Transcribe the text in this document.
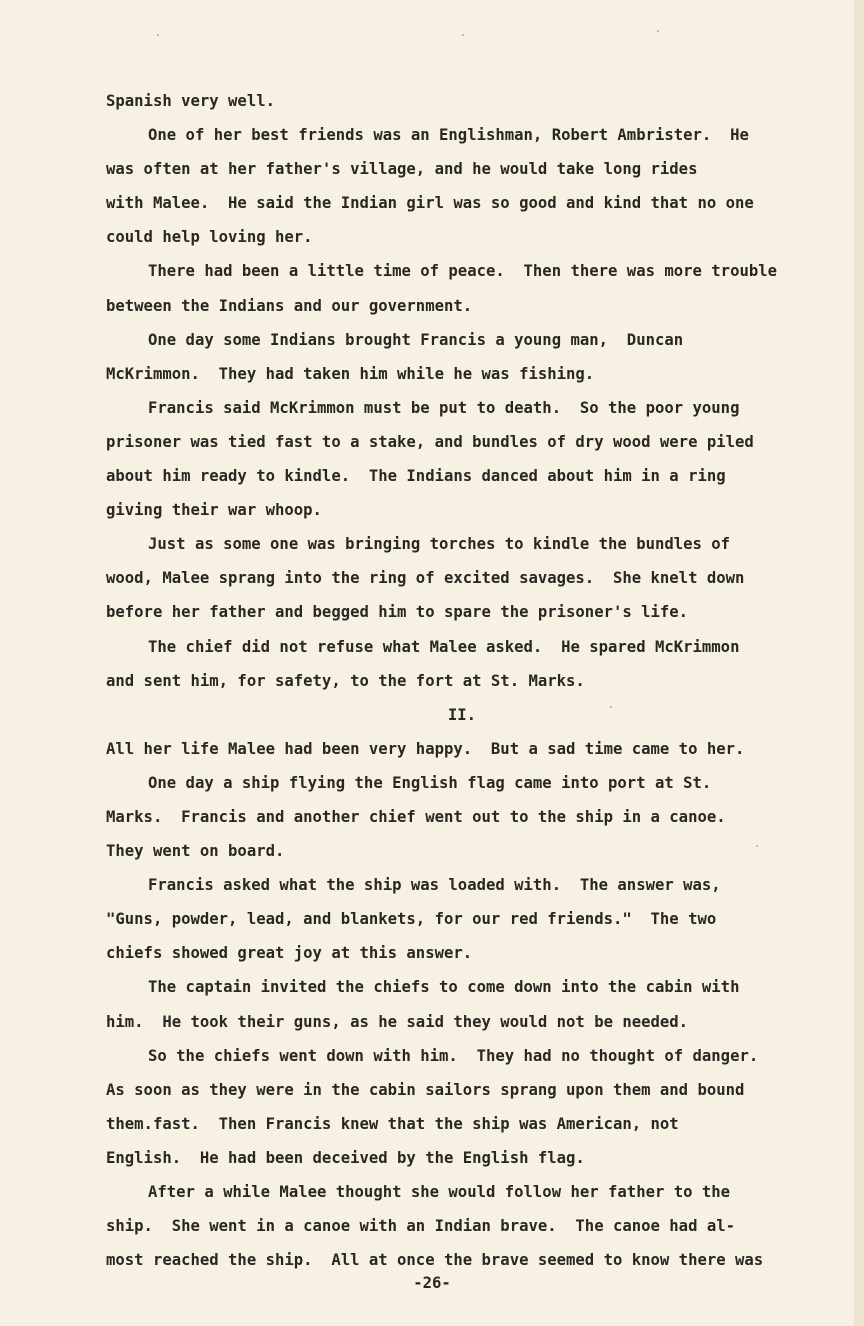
Spanish very well.
One of her best friends was an Englishman, Robert Ambrister.  He
was often at her father's village, and he would take long rides
with Malee.  He said the Indian girl was so good and kind that no one
could help loving her.
There had been a little time of peace.  Then there was more trouble
between the Indians and our government.
One day some Indians brought Francis a young man,  Duncan
McKrimmon.  They had taken him while he was fishing.
Francis said McKrimmon must be put to death.  So the poor young
prisoner was tied fast to a stake, and bundles of dry wood were piled
about him ready to kindle.  The Indians danced about him in a ring
giving their war whoop.
Just as some one was bringing torches to kindle the bundles of
wood, Malee sprang into the ring of excited savages.  She knelt down
before her father and begged him to spare the prisoner's life.
The chief did not refuse what Malee asked.  He spared McKrimmon
and sent him, for safety, to the fort at St. Marks.
II.
All her life Malee had been very happy.  But a sad time came to her.
One day a ship flying the English flag came into port at St.
Marks.  Francis and another chief went out to the ship in a canoe.
They went on board.
Francis asked what the ship was loaded with.  The answer was,
"Guns, powder, lead, and blankets, for our red friends."  The two
chiefs showed great joy at this answer.
The captain invited the chiefs to come down into the cabin with
him.  He took their guns, as he said they would not be needed.
So the chiefs went down with him.  They had no thought of danger.
As soon as they were in the cabin sailors sprang upon them and bound
them.fast.  Then Francis knew that the ship was American, not
English.  He had been deceived by the English flag.
After a while Malee thought she would follow her father to the
ship.  She went in a canoe with an Indian brave.  The canoe had al-
most reached the ship.  All at once the brave seemed to know there was
-26-
